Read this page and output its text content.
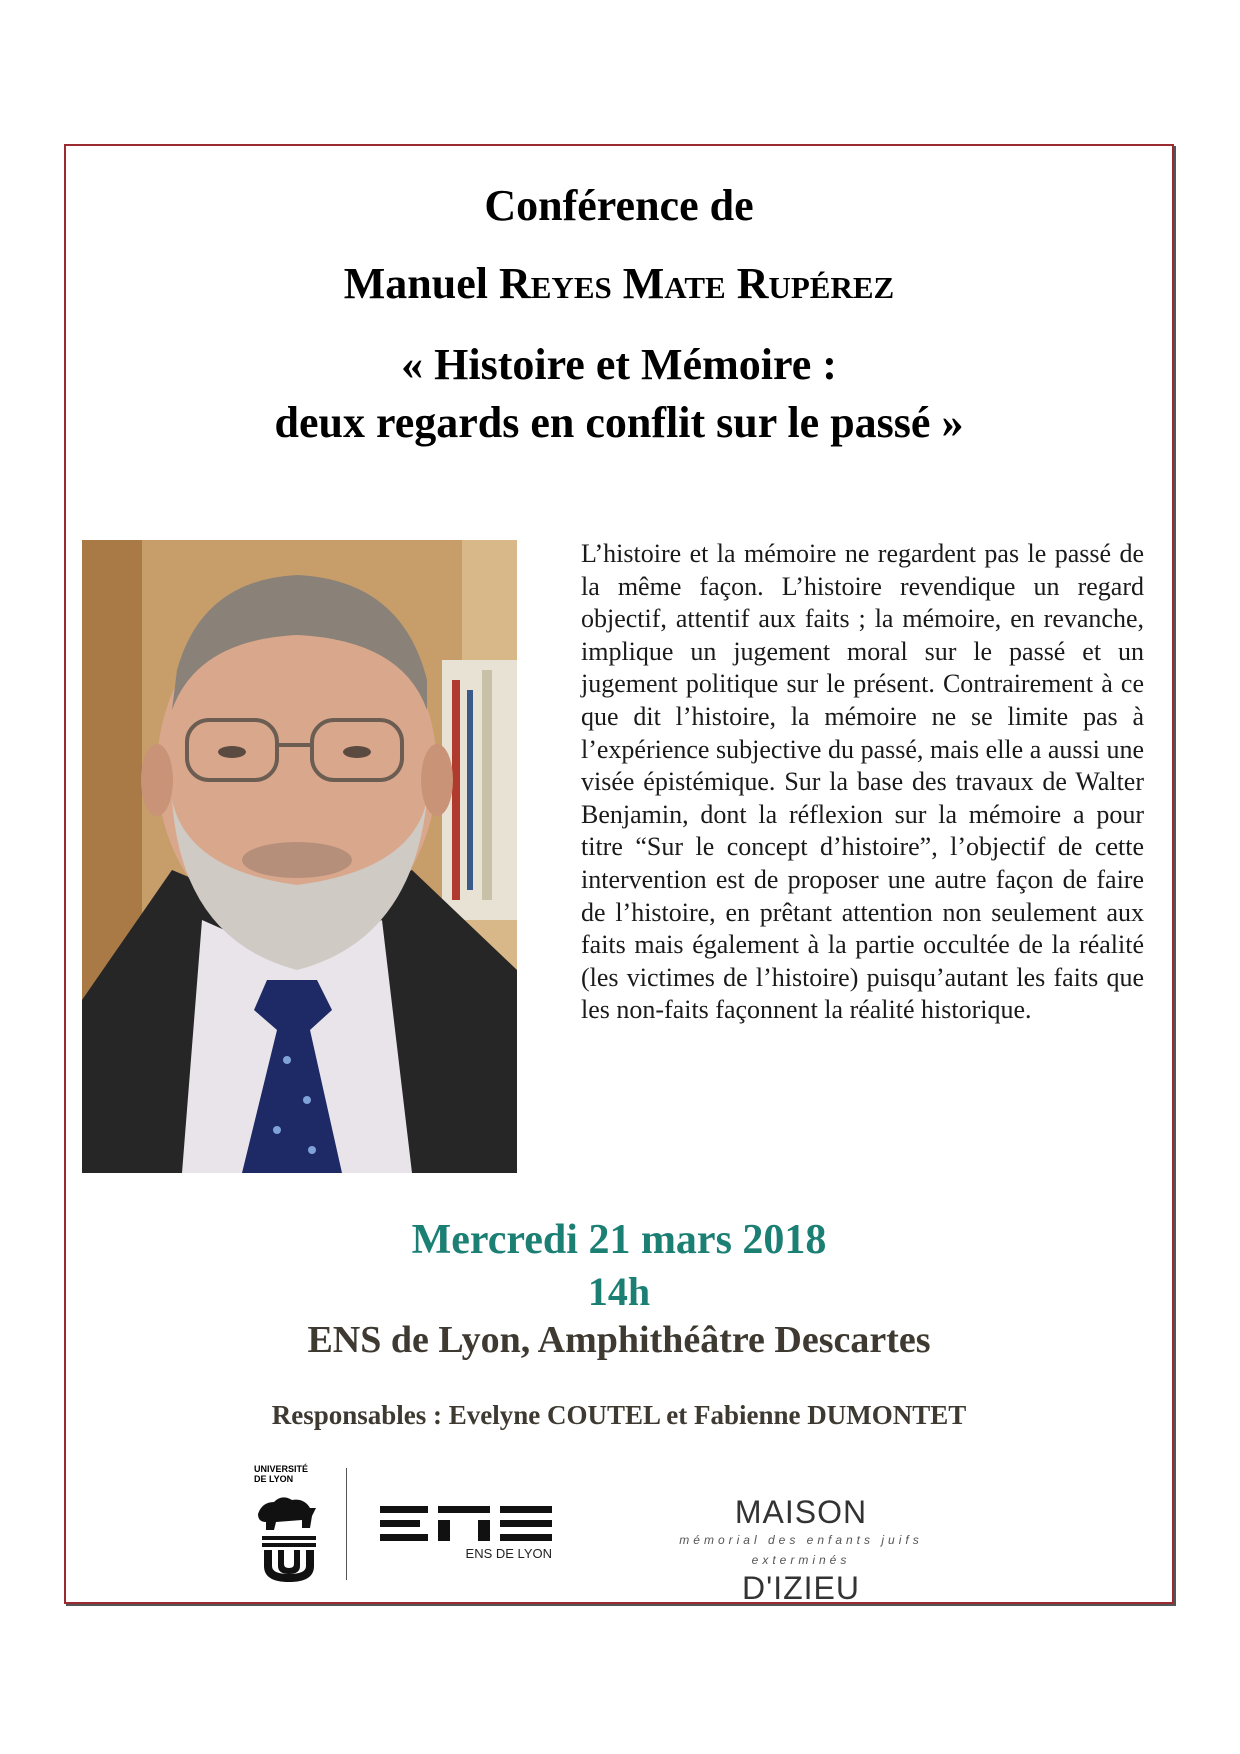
Conférence de
Manuel Reyes Mate Rupérez
« Histoire et Mémoire :
deux regards en conflit sur le passé »
L’histoire et la mémoire ne regardent pas le passé de la même façon. L’histoire revendique un regard objectif, attentif aux faits ; la mémoire, en revanche, implique un jugement moral sur le passé et un jugement politique sur le présent. Contrairement à ce que dit l’histoire, la mémoire ne se limite pas à l’expérience subjective du passé, mais elle a aussi une visée épistémique. Sur la base des travaux de Walter Benjamin, dont la réflexion sur la mémoire a pour titre “Sur le concept d’histoire”, l’objectif de cette intervention est de proposer une autre façon de faire de l’histoire, en prêtant attention non seulement aux faits mais également à la partie occultée de la réalité (les victimes de l’histoire) puisqu’autant les faits que les non-faits façonnent la réalité historique.
Mercredi 21 mars 2018
14h
ENS de Lyon, Amphithéâtre Descartes
Responsables : Evelyne COUTEL et Fabienne DUMONTET
UNIVERSITÉ
DE LYON
ENS DE LYON
MAISON
mémorial des enfants juifs exterminés
D'IZIEU
